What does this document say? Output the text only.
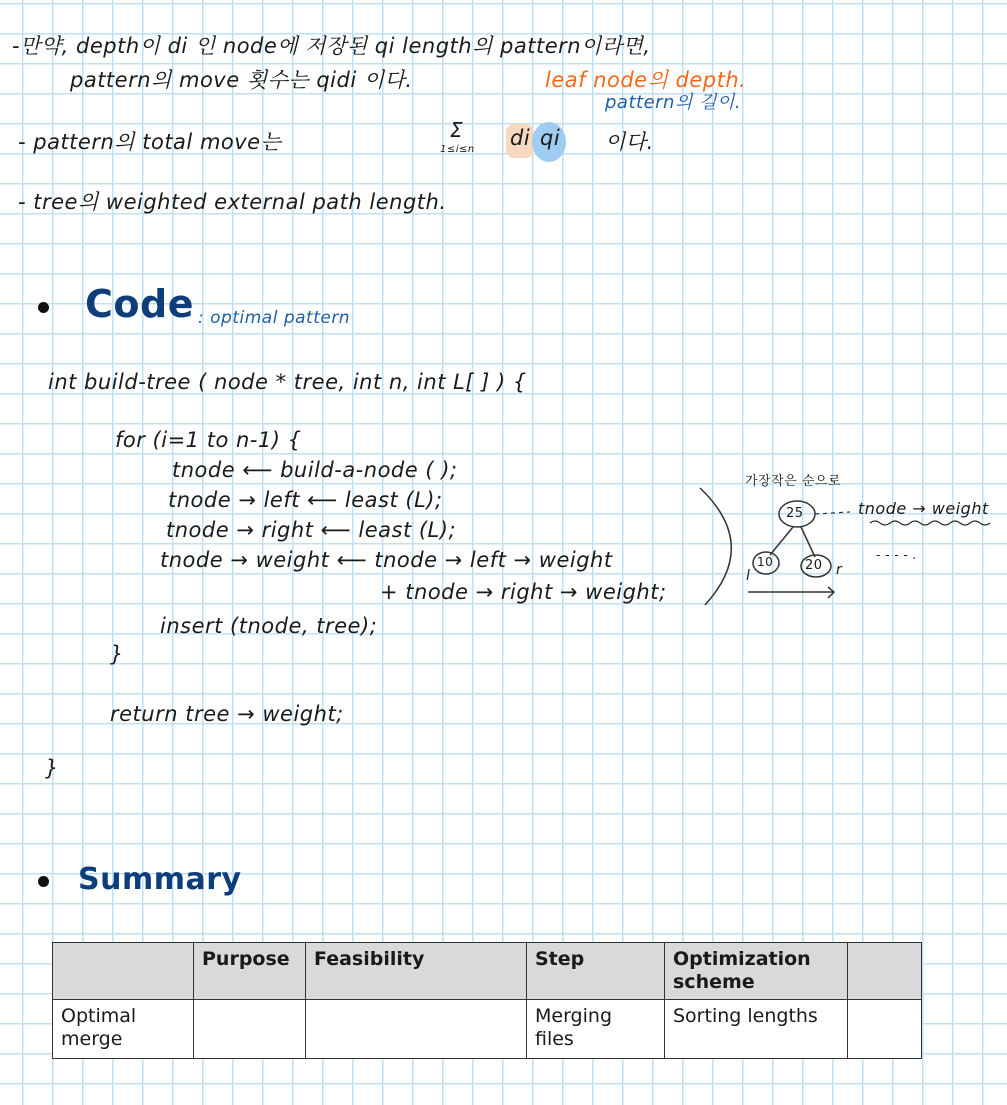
-만약, depth이 di 인 node에 저장된 qi length의 pattern이라면,
pattern의 move 횟수는 qidi 이다.	leaf node의 depth.
pattern의 길이.
- pattern의 total move는	Σ
1≤i≤n di qi 이다.
- tree의 weighted external path length.
Code : optimal pattern
int build-tree ( node * tree, int n, int L[ ] ) {
for (i=1 to n-1) {
tnode ⟵ build-a-node ( );
tnode → left ⟵ least (L);
tnode → right ⟵ least (L);
tnode → weight ⟵ tnode → left → weight
+ tnode → right → weight;
insert (tnode, tree);
}
return tree → weight;
}
가장작은 순으로
25
10 20
l	r
tnode → weight
- - - - .
Summary
	Purpose	Feasibility	Step	Optimization scheme	
Optimal merge			Merging files	Sorting lengths	
